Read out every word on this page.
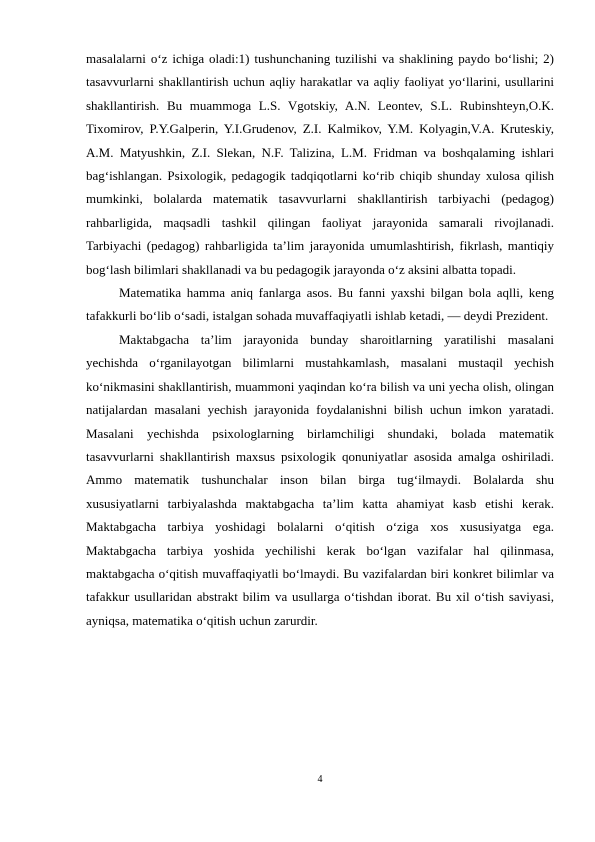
masalalarni o‘z ichiga oladi:1) tushunchaning tuzilishi va shaklining paydo bo‘lishi; 2) tasavvurlarni shakllantirish uchun aqliy harakatlar va aqliy faoliyat yo‘llarini, usullarini shakllantirish. Bu muammoga L.S. Vgotskiy, A.N. Leontev, S.L. Rubinshteyn,O.K. Tixomirov, P.Y.Galperin, Y.I.Grudenov, Z.I. Kalmikov, Y.M. Kolyagin,V.A. Kruteskiy, A.M. Matyushkin, Z.I. Slekan, N.F. Talizina, L.M. Fridman va boshqalaming ishlari bag‘ishlangan. Psixologik, pedagogik tadqiqotlarni ko‘rib chiqib shunday xulosa qilish mumkinki, bolalarda matematik tasavvurlarni shakllantirish tarbiyachi (pedagog) rahbarligida, maqsadli tashkil qilingan faoliyat jarayonida samarali rivojlanadi. Tarbiyachi (pedagog) rahbarligida ta’lim jarayonida umumlashtirish, fikrlash, mantiqiy bog‘lash bilimlari shakllanadi va bu pedagogik jarayonda o‘z aksini albatta topadi.

Matematika hamma aniq fanlarga asos. Bu fanni yaxshi bilgan bola aqlli, keng tafakkurli bo‘lib o‘sadi, istalgan sohada muvaffaqiyatli ishlab ketadi, — deydi Prezident.

Maktabgacha ta’lim jarayonida bunday sharoitlarning yaratilishi masalani yechishda o‘rganilayotgan bilimlarni mustahkamlash, masalani mustaqil yechish ko‘nikmasini shakllantirish, muammoni yaqindan ko‘ra bilish va uni yecha olish, olingan natijalardan masalani yechish jarayonida foydalanishni bilish uchun imkon yaratadi. Masalani yechishda psixologlarning birlamchiligi shundaki, bolada matematik tasavvurlarni shakllantirish maxsus psixologik qonuniyatlar asosida amalga oshiriladi. Ammo matematik tushunchalar inson bilan birga tug‘ilmaydi. Bolalarda shu xususiyatlarni tarbiyalashda maktabgacha ta’lim katta ahamiyat kasb etishi kerak. Maktabgacha tarbiya yoshidagi bolalarni o‘qitish o‘ziga xos xususiyatga ega. Maktabgacha tarbiya yoshida yechilishi kerak bo‘lgan vazifalar hal qilinmasa, maktabgacha o‘qitish muvaffaqiyatli bo‘lmaydi. Bu vazifalardan biri konkret bilimlar va tafakkur usullaridan abstrakt bilim va usullarga o‘tishdan iborat. Bu xil o‘tish saviyasi, ayniqsa, matematika o‘qitish uchun zarurdir.

4
